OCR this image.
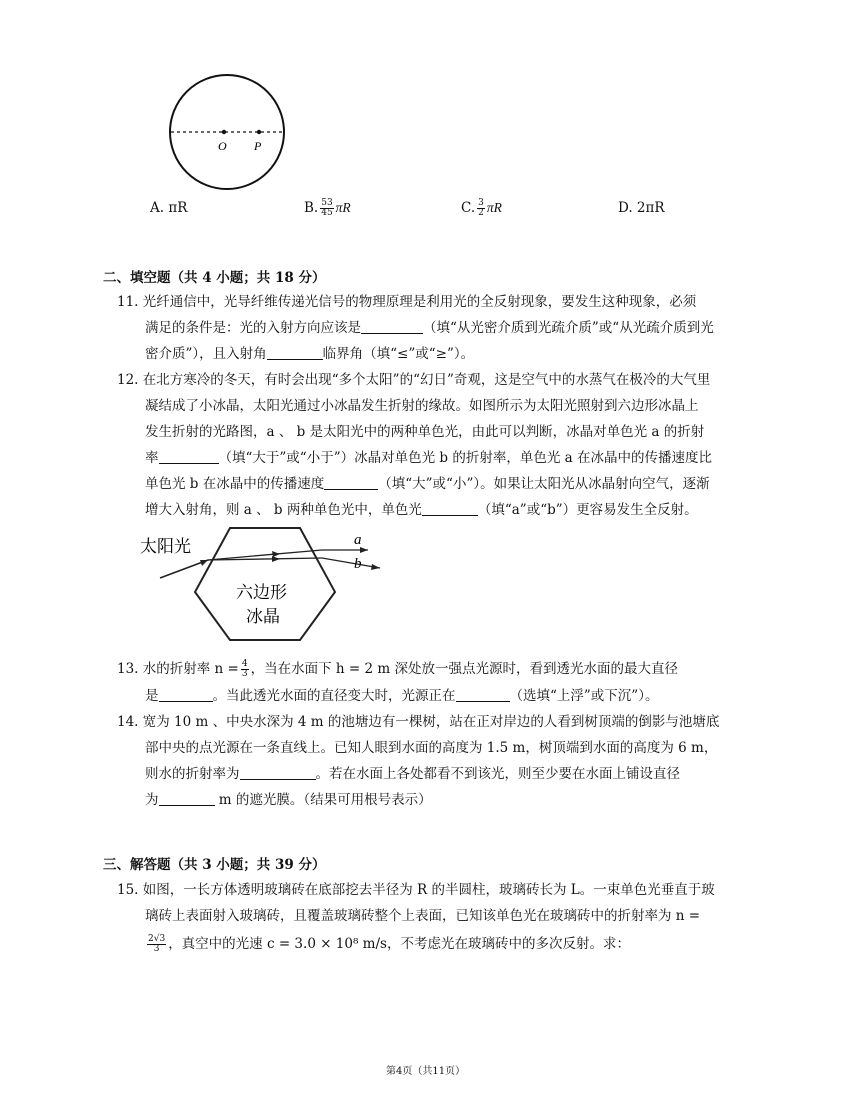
O P
A. πR	B. $\frac{53}{45}$ πR	C. $\frac{3}{2}$ πR	D. 2πR
二、填空题（共 4 小题；共 18 分）
11. 光纤通信中，光导纤维传递光信号的物理原理是利用光的全反射现象，要发生这种现象，必须
满足的条件是：光的入射方向应该是	（填“从光密介质到光疏介质”或“从光疏介质到光
密介质”），且入射角	临界角（填“≤”或“≥”）。
12. 在北方寒冷的冬天，有时会出现“多个太阳”的“幻日”奇观，这是空气中的水蒸气在极冷的大气里
凝结成了小冰晶，太阳光通过小冰晶发生折射的缘故。如图所示为太阳光照射到六边形冰晶上
发生折射的光路图，a 、 b 是太阳光中的两种单色光，由此可以判断，冰晶对单色光 a 的折射
率	（填“大于”或“小于”）冰晶对单色光 b 的折射率，单色光 a 在冰晶中的传播速度比
单色光 b 在冰晶中的传播速度	（填“大”或“小”）。如果让太阳光从冰晶射向空气，逐渐
增大入射角，则 a 、 b 两种单色光中，单色光	（填“a”或“b”）更容易发生全反射。
太阳光
六边形
冰晶
a
b
13. 水的折射率 $n = \frac{4}{3}$ ，当在水面下 h = 2 m 深处放一强点光源时，看到透光水面的最大直径
是	。当此透光水面的直径变大时，光源正在	（选填“上浮”或下沉”）。
14. 宽为 10 m 、中央水深为 4 m 的池塘边有一棵树，站在正对岸边的人看到树顶端的倒影与池塘底
部中央的点光源在一条直线上。已知人眼到水面的高度为 1.5 m，树顶端到水面的高度为 6 m，
则水的折射率为	。若在水面上各处都看不到该光，则至少要在水面上铺设直径
为	m 的遮光膜。（结果可用根号表示）
三、解答题（共 3 小题；共 39 分）
15. 如图，一长方体透明玻璃砖在底部挖去半径为 R 的半圆柱，玻璃砖长为 L。一束单色光垂直于玻
璃砖上表面射入玻璃砖，且覆盖玻璃砖整个上表面，已知该单色光在玻璃砖中的折射率为 n =
$\frac{2√3}{3}$ ，真空中的光速 c = 3.0 × 10⁸ m/s，不考虑光在玻璃砖中的多次反射。求：
第4页（共11页）
